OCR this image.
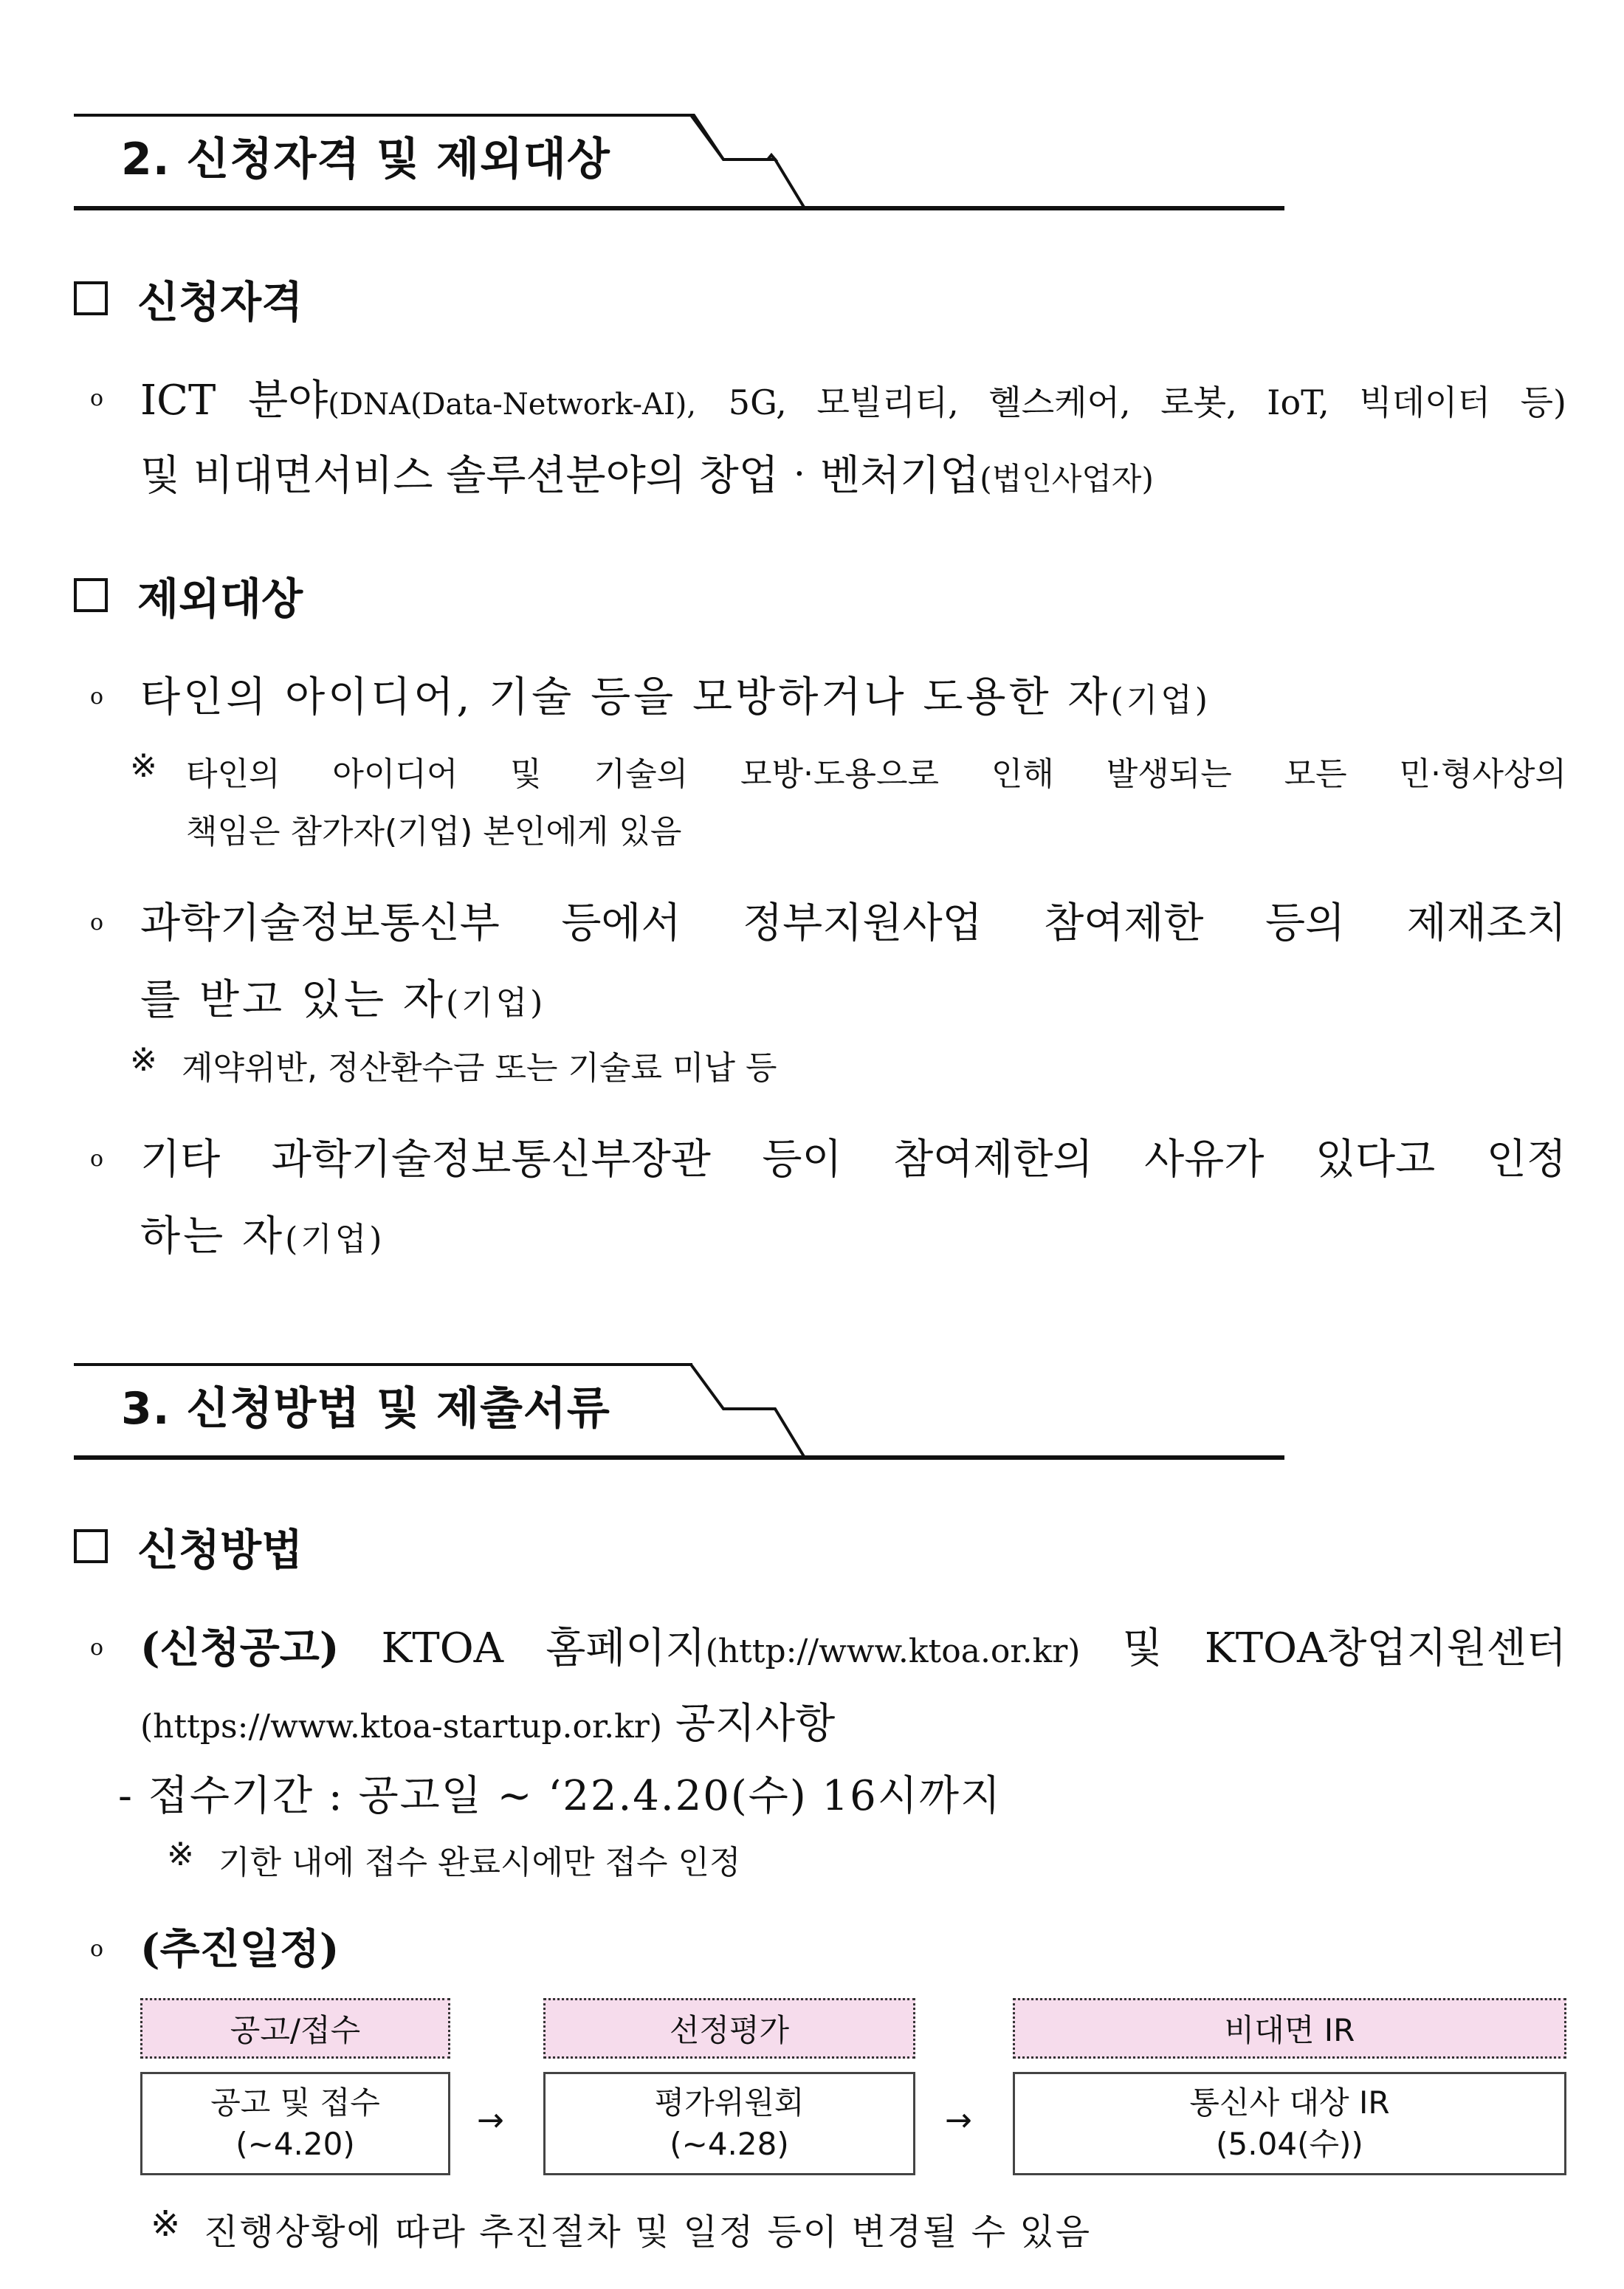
2. 신청자격 및 제외대상
신청자격
o ICT 분야(DNA(Data-Network-AI), 5G, 모빌리티, 헬스케어, 로봇, IoT, 빅데이터 등)
및 비대면서비스 솔루션분야의 창업‧벤처기업(법인사업자)
제외대상
o 타인의 아이디어, 기술 등을 모방하거나 도용한 자(기업)
※ 타인의 아이디어 및 기술의 모방‧도용으로 인해 발생되는 모든 민‧형사상의
책임은 참가자(기업) 본인에게 있음
o 과학기술정보통신부 등에서 정부지원사업 참여제한 등의 제재조치
를 받고 있는 자(기업)
※ 계약위반, 정산환수금 또는 기술료 미납 등
o 기타 과학기술정보통신부장관 등이 참여제한의 사유가 있다고 인정
하는 자(기업)
3. 신청방법 및 제출서류
신청방법
o (신청공고) KTOA 홈페이지(http://www.ktoa.or.kr) 및 KTOA창업지원센터
(https://www.ktoa-startup.or.kr) 공지사항
- 접수기간 : 공고일 ~ ‘22.4.20(수) 16시까지
※ 기한 내에 접수 완료시에만 접수 인정
o (추진일정)
공고/접수
공고 및 접수
(~4.20)
→
선정평가
평가위원회
(~4.28)
→
비대면 IR
통신사 대상 IR
(5.04(수))
※ 진행상황에 따라 추진절차 및 일정 등이 변경될 수 있음
